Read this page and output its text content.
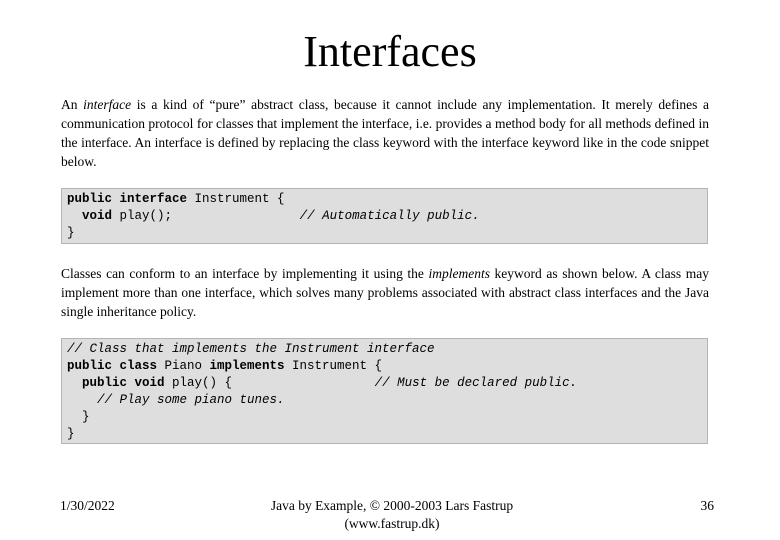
Interfaces

An interface is a kind of “pure” abstract class, because it cannot include any implementation. It merely defines a communication protocol for classes that implement the interface, i.e. provides a method body for all methods defined in the interface. An interface is defined by replacing the class keyword with the interface keyword like in the code snippet below.

public interface Instrument {
void play();                 // Automatically public.
}

Classes can conform to an interface by implementing it using the implements keyword as shown below. A class may implement more than one interface, which solves many problems associated with abstract class interfaces and the Java single inheritance policy.

// Class that implements the Instrument interface
public class Piano implements Instrument {
public void play() {                   // Must be declared public.
// Play some piano tunes.
}
}
1/30/2022	Java by Example, © 2000-2003 Lars Fastrup
(www.fastrup.dk)
36
